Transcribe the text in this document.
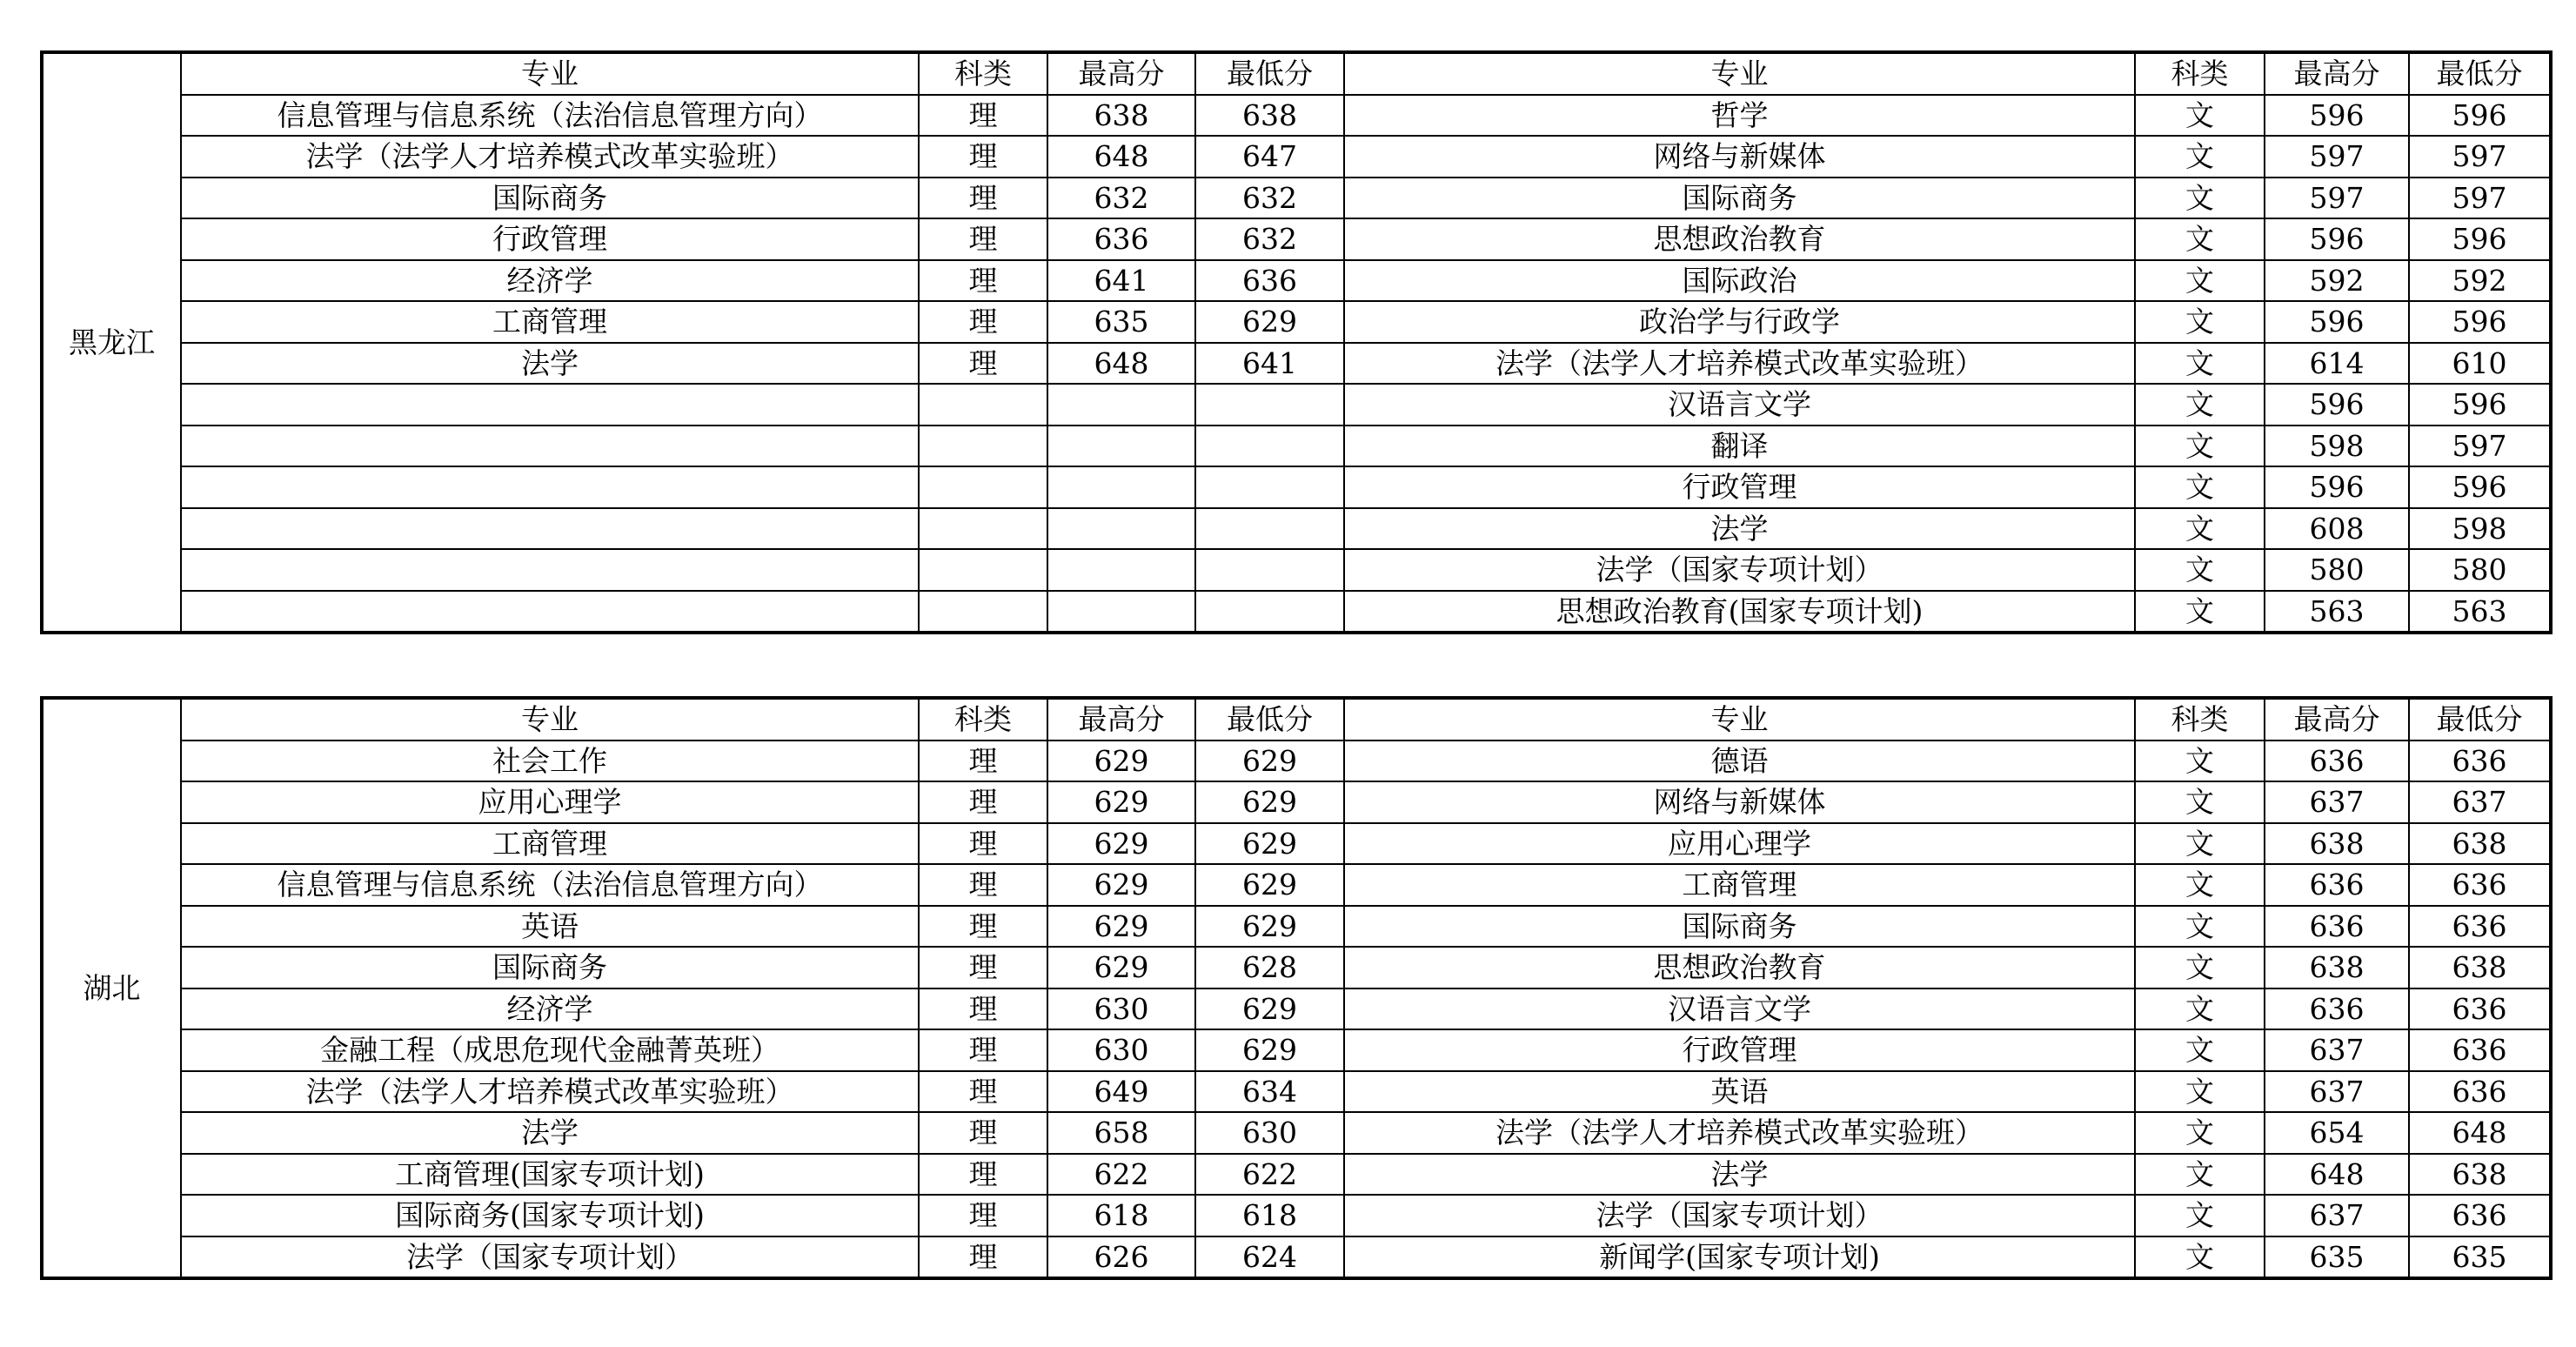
黑龙江	专业	科类	最高分	最低分	专业	科类	最高分	最低分
	信息管理与信息系统（法治信息管理方向）	理	638	638	哲学	文	596	596
	法学（法学人才培养模式改革实验班）	理	648	647	网络与新媒体	文	597	597
	国际商务	理	632	632	国际商务	文	597	597
	行政管理	理	636	632	思想政治教育	文	596	596
	经济学	理	641	636	国际政治	文	592	592
	工商管理	理	635	629	政治学与行政学	文	596	596
	法学	理	648	641	法学（法学人才培养模式改革实验班）	文	614	610
					汉语言文学	文	596	596
					翻译	文	598	597
					行政管理	文	596	596
					法学	文	608	598
					法学（国家专项计划）	文	580	580
					思想政治教育(国家专项计划)	文	563	563
湖北	专业	科类	最高分	最低分	专业	科类	最高分	最低分
	社会工作	理	629	629	德语	文	636	636
	应用心理学	理	629	629	网络与新媒体	文	637	637
	工商管理	理	629	629	应用心理学	文	638	638
	信息管理与信息系统（法治信息管理方向）	理	629	629	工商管理	文	636	636
	英语	理	629	629	国际商务	文	636	636
	国际商务	理	629	628	思想政治教育	文	638	638
	经济学	理	630	629	汉语言文学	文	636	636
	金融工程（成思危现代金融菁英班）	理	630	629	行政管理	文	637	636
	法学（法学人才培养模式改革实验班）	理	649	634	英语	文	637	636
	法学	理	658	630	法学（法学人才培养模式改革实验班）	文	654	648
	工商管理(国家专项计划)	理	622	622	法学	文	648	638
	国际商务(国家专项计划)	理	618	618	法学（国家专项计划）	文	637	636
	法学（国家专项计划）	理	626	624	新闻学(国家专项计划)	文	635	635
